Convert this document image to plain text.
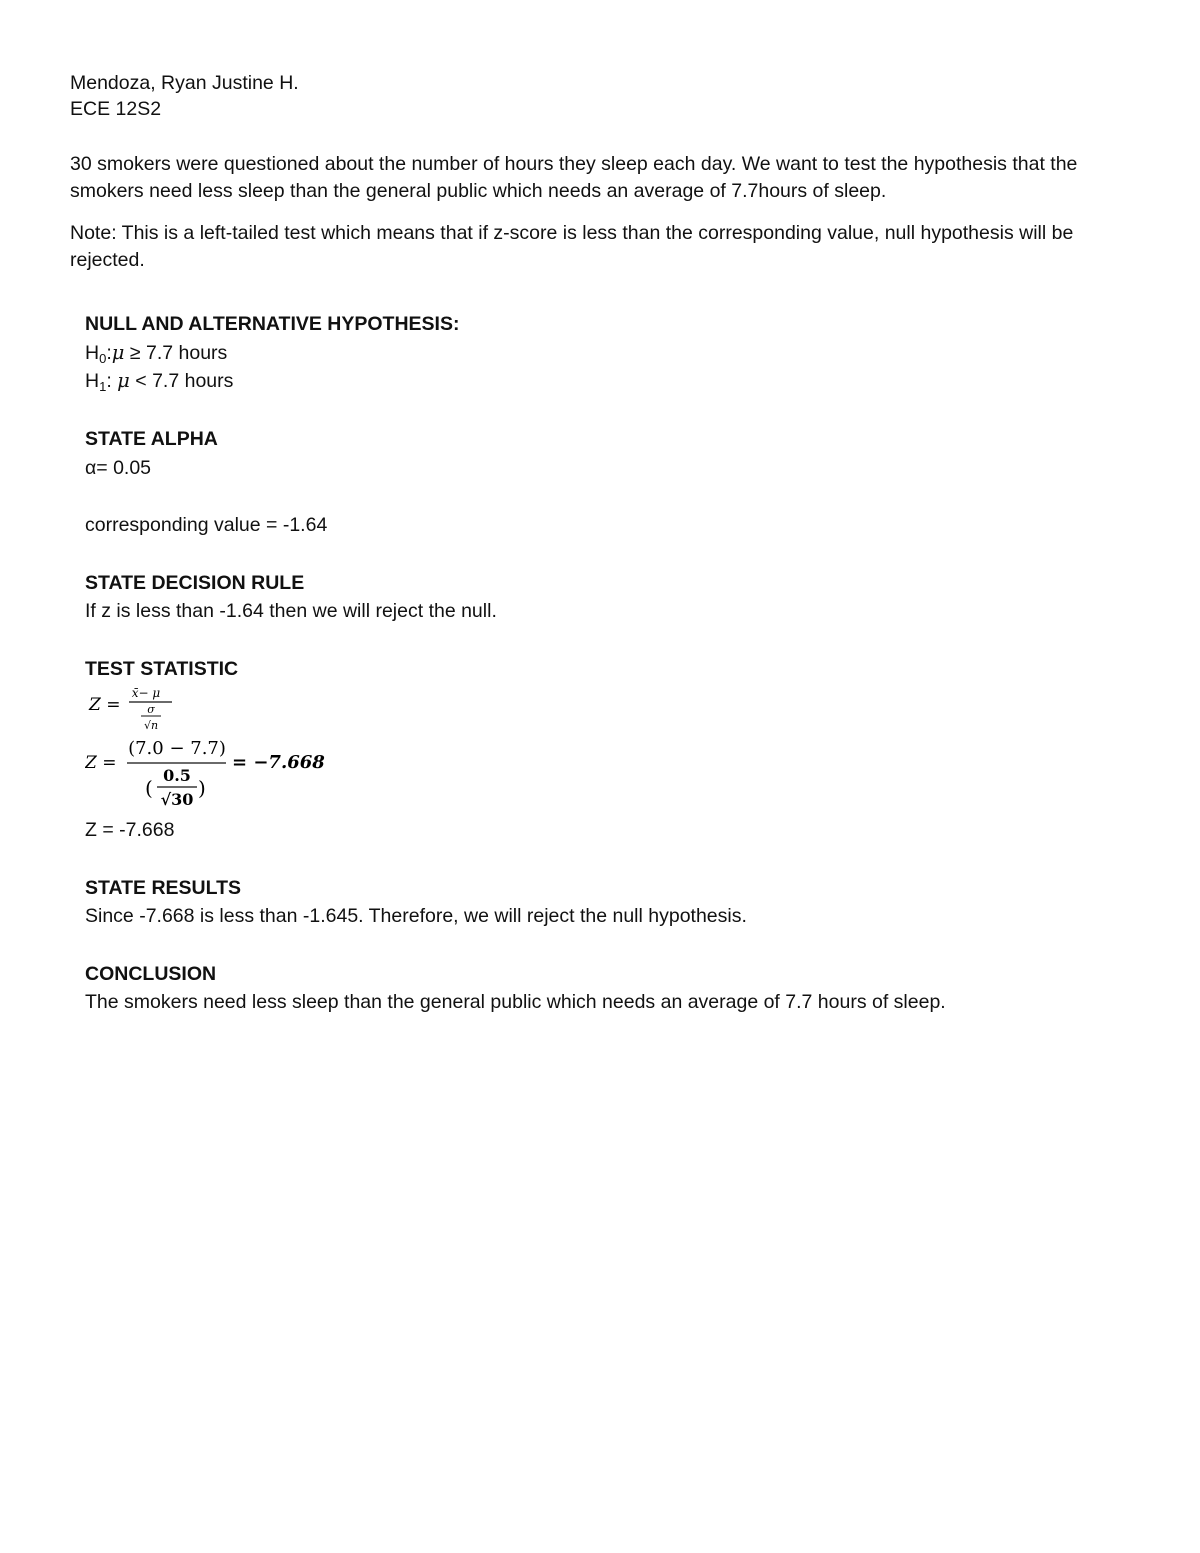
Mendoza, Ryan Justine H.
ECE 12S2
30 smokers were questioned about the number of hours they sleep each day. We want to test the hypothesis that the smokers need less sleep than the general public which needs an average of 7.7hours of sleep.
Note: This is a left-tailed test which means that if z-score is less than the corresponding value, null hypothesis will be rejected.
NULL AND ALTERNATIVE HYPOTHESIS:
$H_0:\mu \ge 7.7$ hours
$H_1$: μ < 7.7 hours
STATE ALPHA
α= 0.05
corresponding value = -1.64
STATE DECISION RULE
If z is less than -1.64 then we will reject the null.
TEST STATISTIC
Z =
x̄− μ
σ
√n
Z =
(7.0 − 7.7)
(
0.5
√30 )
= −7.668
Z = -7.668
STATE RESULTS
Since -7.668 is less than -1.645. Therefore, we will reject the null hypothesis.
CONCLUSION
The smokers need less sleep than the general public which needs an average of 7.7 hours of sleep.
